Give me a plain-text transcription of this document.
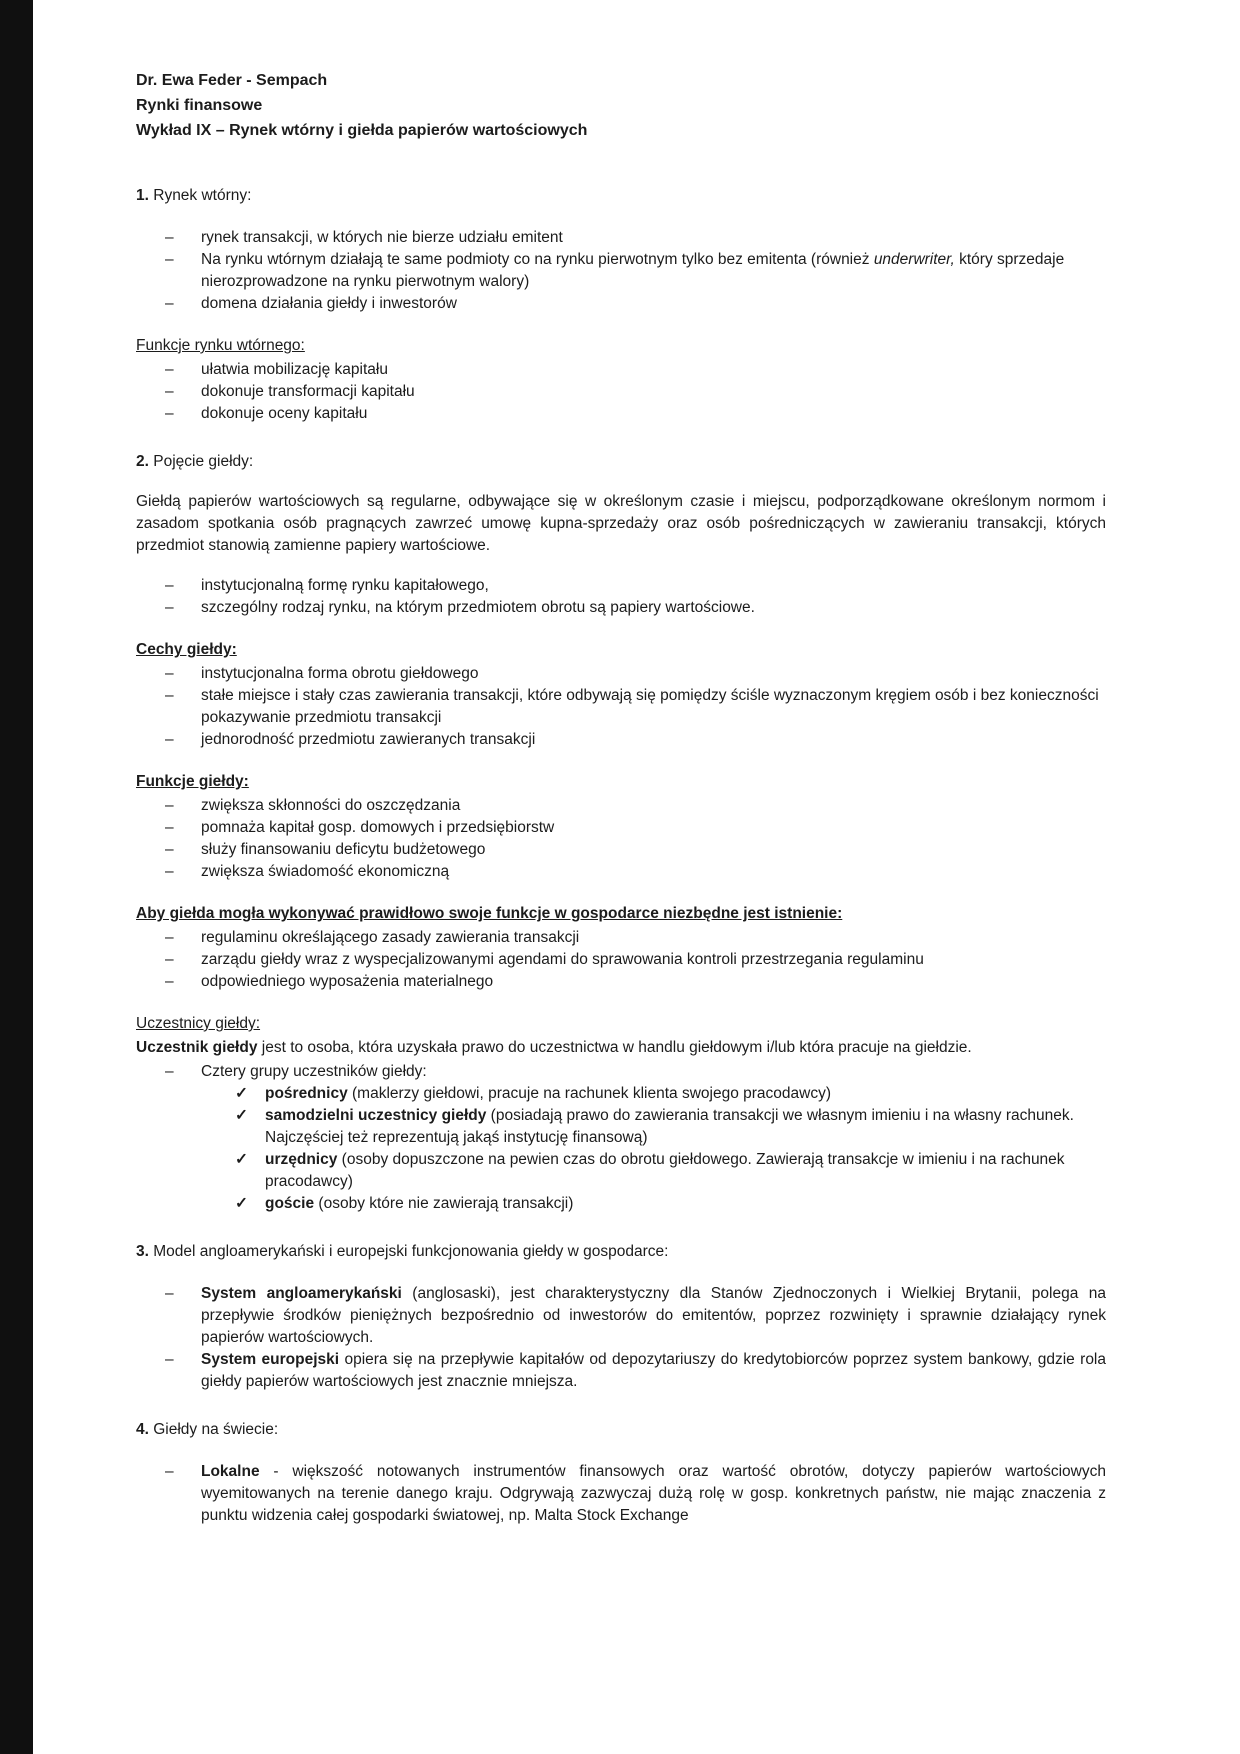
Dr. Ewa Feder - Sempach
Rynki finansowe
Wykład IX – Rynek wtórny i giełda papierów wartościowych
1. Rynek wtórny:
–	rynek transakcji, w których nie bierze udziału emitent
–	Na rynku wtórnym działają te same podmioty co na rynku pierwotnym tylko bez emitenta (również underwriter, który sprzedaje nierozprowadzone na rynku pierwotnym walory)
–	domena działania giełdy i inwestorów
Funkcje rynku wtórnego:
–	ułatwia mobilizację kapitału
–	dokonuje transformacji kapitału
–	dokonuje oceny kapitału
2. Pojęcie giełdy:
Giełdą papierów wartościowych są regularne, odbywające się w określonym czasie i miejscu, podporządkowane określonym normom i zasadom spotkania osób pragnących zawrzeć umowę kupna-sprzedaży oraz osób pośredniczących w zawieraniu transakcji, których przedmiot stanowią zamienne papiery wartościowe.
–	instytucjonalną formę rynku kapitałowego,
–	szczególny rodzaj rynku, na którym przedmiotem obrotu są papiery wartościowe.
Cechy giełdy:
–	instytucjonalna forma obrotu giełdowego
–	stałe miejsce i stały czas zawierania transakcji, które odbywają się pomiędzy ściśle wyznaczonym kręgiem osób i bez konieczności pokazywanie przedmiotu transakcji
–	jednorodność przedmiotu zawieranych transakcji
Funkcje giełdy:
–	zwiększa skłonności do oszczędzania
–	pomnaża kapitał gosp. domowych i przedsiębiorstw
–	służy finansowaniu deficytu budżetowego
–	zwiększa świadomość ekonomiczną
Aby giełda mogła wykonywać prawidłowo swoje funkcje w gospodarce niezbędne jest istnienie:
–	regulaminu określającego zasady zawierania transakcji
–	zarządu giełdy wraz z wyspecjalizowanymi agendami do sprawowania kontroli przestrzegania regulaminu
–	odpowiedniego wyposażenia materialnego
Uczestnicy giełdy:
Uczestnik giełdy jest to osoba, która uzyskała prawo do uczestnictwa w handlu giełdowym i/lub która pracuje na giełdzie.
–	Cztery grupy uczestników giełdy:
✓	pośrednicy (maklerzy giełdowi, pracuje na rachunek klienta swojego pracodawcy)
✓	samodzielni uczestnicy giełdy (posiadają prawo do zawierania transakcji we własnym imieniu i na własny rachunek. Najczęściej też reprezentują jakąś instytucję finansową)
✓	urzędnicy (osoby dopuszczone na pewien czas do obrotu giełdowego. Zawierają transakcje w imieniu i na rachunek pracodawcy)
✓	goście (osoby które nie zawierają transakcji)
3. Model angloamerykański i europejski funkcjonowania giełdy w gospodarce:
–	System angloamerykański (anglosaski), jest charakterystyczny dla Stanów Zjednoczonych i Wielkiej Brytanii, polega na przepływie środków pieniężnych bezpośrednio od inwestorów do emitentów, poprzez rozwinięty i sprawnie działający rynek papierów wartościowych.
–	System europejski opiera się na przepływie kapitałów od depozytariuszy do kredytobiorców poprzez system bankowy, gdzie rola giełdy papierów wartościowych jest znacznie mniejsza.
4. Giełdy na świecie:
–	Lokalne - większość notowanych instrumentów finansowych oraz wartość obrotów, dotyczy papierów wartościowych wyemitowanych na terenie danego kraju. Odgrywają zazwyczaj dużą rolę w gosp. konkretnych państw, nie mając znaczenia z punktu widzenia całej gospodarki światowej, np. Malta Stock Exchange
